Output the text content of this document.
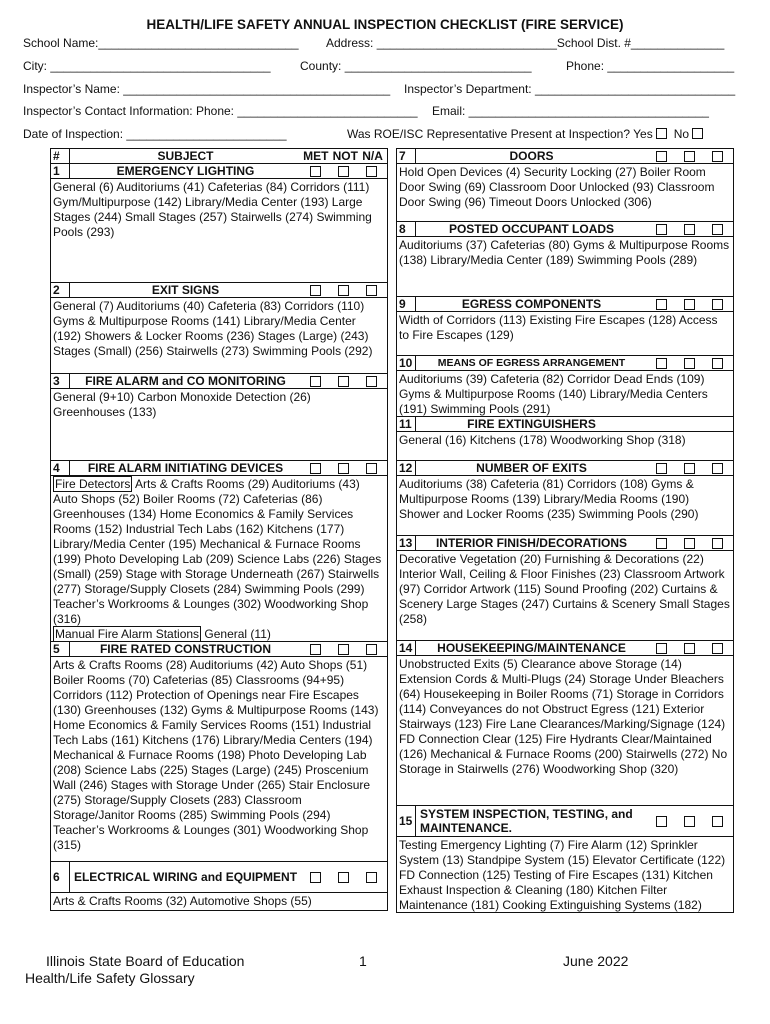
HEALTH/LIFE SAFETY ANNUAL INSPECTION CHECKLIST (FIRE SERVICE)
School Name:______________________________ Address: ___________________________School Dist. #______________
City: _________________________________ County: ____________________________	Phone: ___________________
Inspector’s Name: ________________________________________ Inspector’s Department: ______________________________
Inspector’s Contact Information: Phone: ___________________________ Email: ____________________________________
Date of Inspection: ________________________	Was ROE/ISC Representative Present at Inspection? Yes No
#	SUBJECT	MET NOT N/A
1	EMERGENCY LIGHTING
General (6) Auditoriums (41) Cafeterias (84) Corridors (111) Gym/Multipurpose (142) Library/Media Center (193) Large Stages (244) Small Stages (257) Stairwells (274) Swimming Pools (293)
2	EXIT SIGNS
General (7) Auditoriums (40) Cafeteria (83) Corridors (110) Gyms & Multipurpose Rooms (141) Library/Media Center (192) Showers & Locker Rooms (236) Stages (Large) (243) Stages (Small) (256) Stairwells (273) Swimming Pools (292)
3	FIRE ALARM and CO MONITORING
General (9+10) Carbon Monoxide Detection (26) Greenhouses (133)
4	FIRE ALARM INITIATING DEVICES
Fire Detectors Arts & Crafts Rooms (29) Auditoriums (43) Auto Shops (52) Boiler Rooms (72) Cafeterias (86) Greenhouses (134) Home Economics & Family Services Rooms (152) Industrial Tech Labs (162) Kitchens (177) Library/Media Center (195) Mechanical & Furnace Rooms (199) Photo Developing Lab (209) Science Labs (226) Stages (Small) (259) Stage with Storage Underneath (267) Stairwells (277) Storage/Supply Closets (284) Swimming Pools (299) Teacher’s Workrooms & Lounges (302) Woodworking Shop (316)
Manual Fire Alarm Stations General (11)
5	FIRE RATED CONSTRUCTION
Arts & Crafts Rooms (28) Auditoriums (42) Auto Shops (51) Boiler Rooms (70) Cafeterias (85) Classrooms (94+95) Corridors (112) Protection of Openings near Fire Escapes (130) Greenhouses (132) Gyms & Multipurpose Rooms (143) Home Economics & Family Services Rooms (151) Industrial Tech Labs (161) Kitchens (176) Library/Media Centers (194) Mechanical & Furnace Rooms (198) Photo Developing Lab (208) Science Labs (225) Stages (Large) (245) Proscenium Wall (246) Stages with Storage Under (265) Stair Enclosure (275) Storage/Supply Closets (283) Classroom Storage/Janitor Rooms (285) Swimming Pools (294) Teacher’s Workrooms & Lounges (301) Woodworking Shop (315)
6	ELECTRICAL WIRING and EQUIPMENT
Arts & Crafts Rooms (32) Automotive Shops (55)
7	DOORS
Hold Open Devices (4) Security Locking (27) Boiler Room Door Swing (69) Classroom Door Unlocked (93) Classroom Door Swing (96) Timeout Doors Unlocked (306)
8	POSTED OCCUPANT LOADS
Auditoriums (37) Cafeterias (80) Gyms & Multipurpose Rooms (138) Library/Media Center (189) Swimming Pools (289)
9	EGRESS COMPONENTS
Width of Corridors (113) Existing Fire Escapes (128) Access to Fire Escapes (129)
10	MEANS OF EGRESS ARRANGEMENT
Auditoriums (39) Cafeteria (82) Corridor Dead Ends (109) Gyms & Multipurpose Rooms (140) Library/Media Centers (191) Swimming Pools (291)
11	FIRE EXTINGUISHERS
General (16) Kitchens (178) Woodworking Shop (318)
12	NUMBER OF EXITS
Auditoriums (38) Cafeteria (81) Corridors (108) Gyms & Multipurpose Rooms (139) Library/Media Rooms (190) Shower and Locker Rooms (235) Swimming Pools (290)
13	INTERIOR FINISH/DECORATIONS
Decorative Vegetation (20) Furnishing & Decorations (22) Interior Wall, Ceiling & Floor Finishes (23) Classroom Artwork (97) Corridor Artwork (115) Sound Proofing (202) Curtains & Scenery Large Stages (247) Curtains & Scenery Small Stages (258)
14	HOUSEKEEPING/MAINTENANCE
Unobstructed Exits (5) Clearance above Storage (14) Extension Cords & Multi-Plugs (24) Storage Under Bleachers (64) Housekeeping in Boiler Rooms (71) Storage in Corridors (114) Conveyances do not Obstruct Egress (121) Exterior Stairways (123) Fire Lane Clearances/Marking/Signage (124) FD Connection Clear (125) Fire Hydrants Clear/Maintained (126) Mechanical & Furnace Rooms (200) Stairwells (272) No Storage in Stairwells (276) Woodworking Shop (320)
15 SYSTEM INSPECTION, TESTING, and MAINTENANCE.
Testing Emergency Lighting (7) Fire Alarm (12) Sprinkler System (13) Standpipe System (15) Elevator Certificate (122) FD Connection (125) Testing of Fire Escapes (131) Kitchen Exhaust Inspection & Cleaning (180) Kitchen Filter Maintenance (181) Cooking Extinguishing Systems (182)
Illinois State Board of Education	1	June 2022
Health/Life Safety Glossary
